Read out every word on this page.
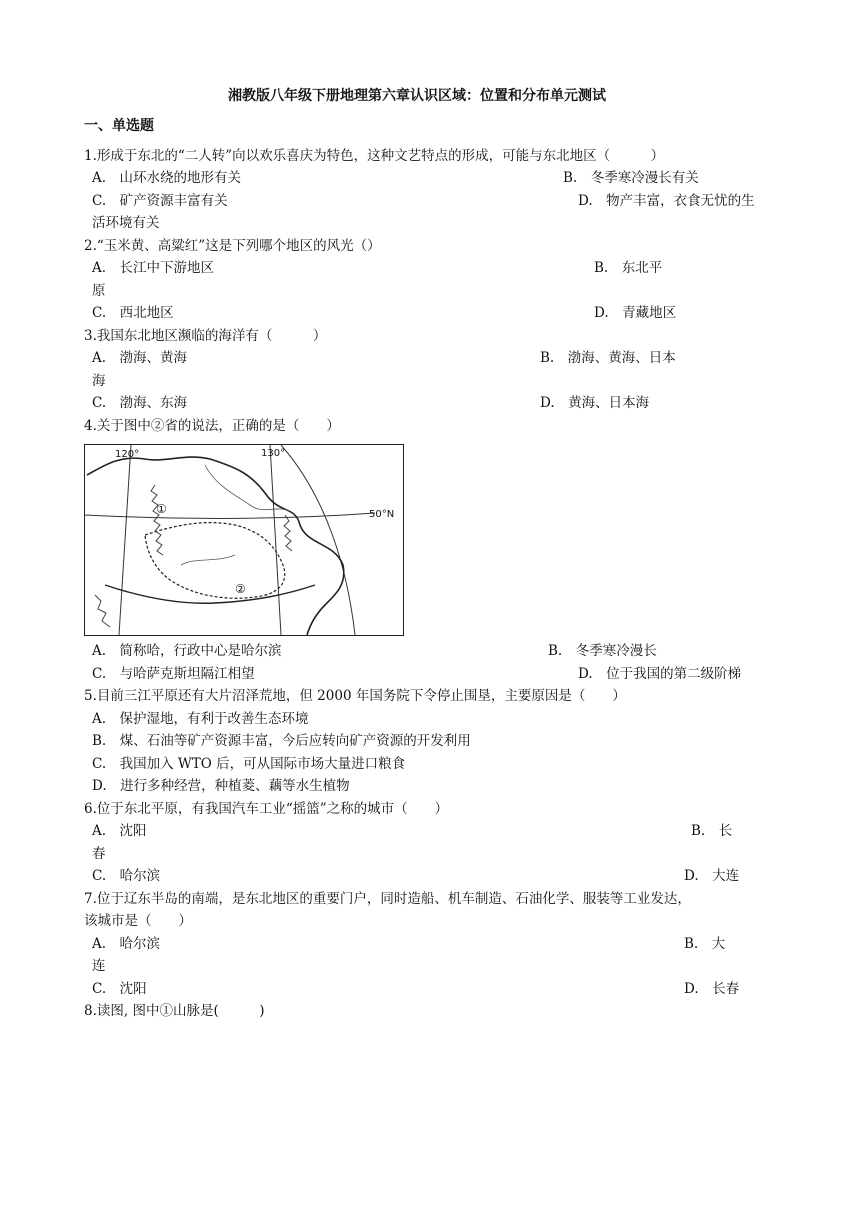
湘教版八年级下册地理第六章认识区域：位置和分布单元测试
一、单选题
1.形成于东北的“二人转”向以欢乐喜庆为特色，这种文艺特点的形成，可能与东北地区（　　　）
A.　山环水绕的地形有关	B.　冬季寒冷漫长有关
C.　矿产资源丰富有关	D.　物产丰富，衣食无忧的生
活环境有关
2.“玉米黄、高粱红”这是下列哪个地区的风光（）
A.　长江中下游地区	B.　东北平
原
C.　西北地区	D.　青藏地区
3.我国东北地区濒临的海洋有（　　　）
A.　渤海、黄海	B.　渤海、黄海、日本
海
C.　渤海、东海	D.　黄海、日本海
4.关于图中②省的说法，正确的是（　　）
120°	130°
50°N
①
②
A.　简称哈，行政中心是哈尔滨	B.　冬季寒冷漫长
C.　与哈萨克斯坦隔江相望	D.　位于我国的第二级阶梯
5.目前三江平原还有大片沼泽荒地，但 2000 年国务院下令停止围垦，主要原因是（　　）
A.　保护湿地，有利于改善生态环境
B.　煤、石油等矿产资源丰富，今后应转向矿产资源的开发利用
C.　我国加入 WTO 后，可从国际市场大量进口粮食
D.　进行多种经营，种植菱、藕等水生植物
6.位于东北平原，有我国汽车工业“摇篮”之称的城市（　　）
A.　沈阳	B.　长
春
C.　哈尔滨	D.　大连
7.位于辽东半岛的南端，是东北地区的重要门户，同时造船、机车制造、石油化学、服装等工业发达，
该城市是（　　）
A.　哈尔滨	B.　大
连
C.　沈阳	D.　长春
8.读图, 图中①山脉是(　　　)
